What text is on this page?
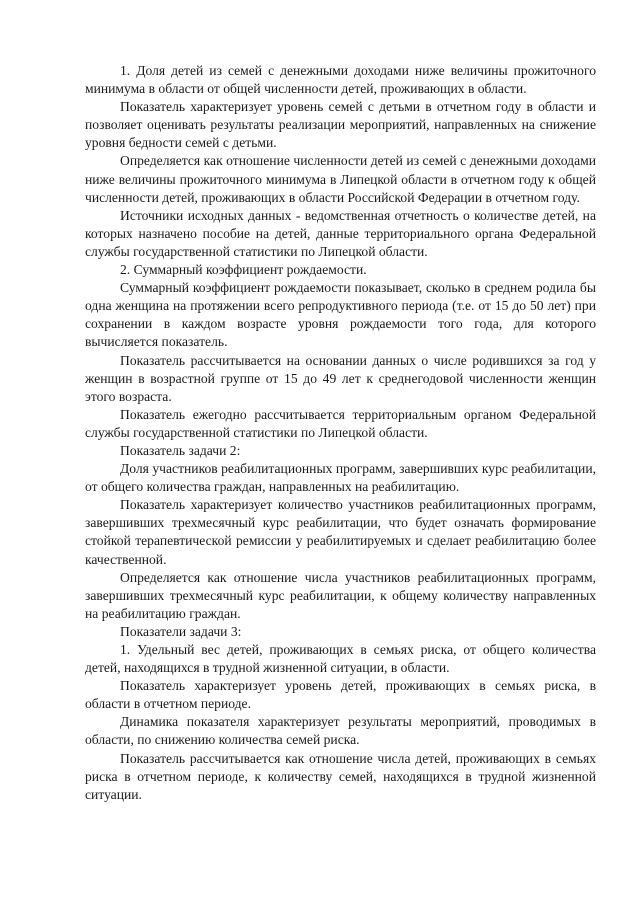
1. Доля детей из семей с денежными доходами ниже величины прожиточного минимума в области от общей численности детей, проживающих в области.

Показатель характеризует уровень семей с детьми в отчетном году в области и позволяет оценивать результаты реализации мероприятий, направленных на снижение уровня бедности семей с детьми.

Определяется как отношение численности детей из семей с денежными доходами ниже величины прожиточного минимума в Липецкой области в отчетном году к общей численности детей, проживающих в области Российской Федерации в отчетном году.

Источники исходных данных - ведомственная отчетность о количестве детей, на которых назначено пособие на детей, данные территориального органа Федеральной службы государственной статистики по Липецкой области.

2. Суммарный коэффициент рождаемости.

Суммарный коэффициент рождаемости показывает, сколько в среднем родила бы одна женщина на протяжении всего репродуктивного периода (т.е. от 15 до 50 лет) при сохранении в каждом возрасте уровня рождаемости того года, для которого вычисляется показатель.

Показатель рассчитывается на основании данных о числе родившихся за год у женщин в возрастной группе от 15 до 49 лет к среднегодовой численности женщин этого возраста.

Показатель ежегодно рассчитывается территориальным органом Федеральной службы государственной статистики по Липецкой области.

Показатель задачи 2:

Доля участников реабилитационных программ, завершивших курс реабилитации, от общего количества граждан, направленных на реабилитацию.

Показатель характеризует количество участников реабилитационных программ, завершивших трехмесячный курс реабилитации, что будет означать формирование стойкой терапевтической ремиссии у реабилитируемых и сделает реабилитацию более качественной.

Определяется как отношение числа участников реабилитационных программ, завершивших трехмесячный курс реабилитации, к общему количеству направленных на реабилитацию граждан.

Показатели задачи 3:

1. Удельный вес детей, проживающих в семьях риска, от общего количества детей, находящихся в трудной жизненной ситуации, в области.

Показатель характеризует уровень детей, проживающих в семьях риска, в области в отчетном периоде.

Динамика показателя характеризует результаты мероприятий, проводимых в области, по снижению количества семей риска.

Показатель рассчитывается как отношение числа детей, проживающих в семьях риска в отчетном периоде, к количеству семей, находящихся в трудной жизненной ситуации.
